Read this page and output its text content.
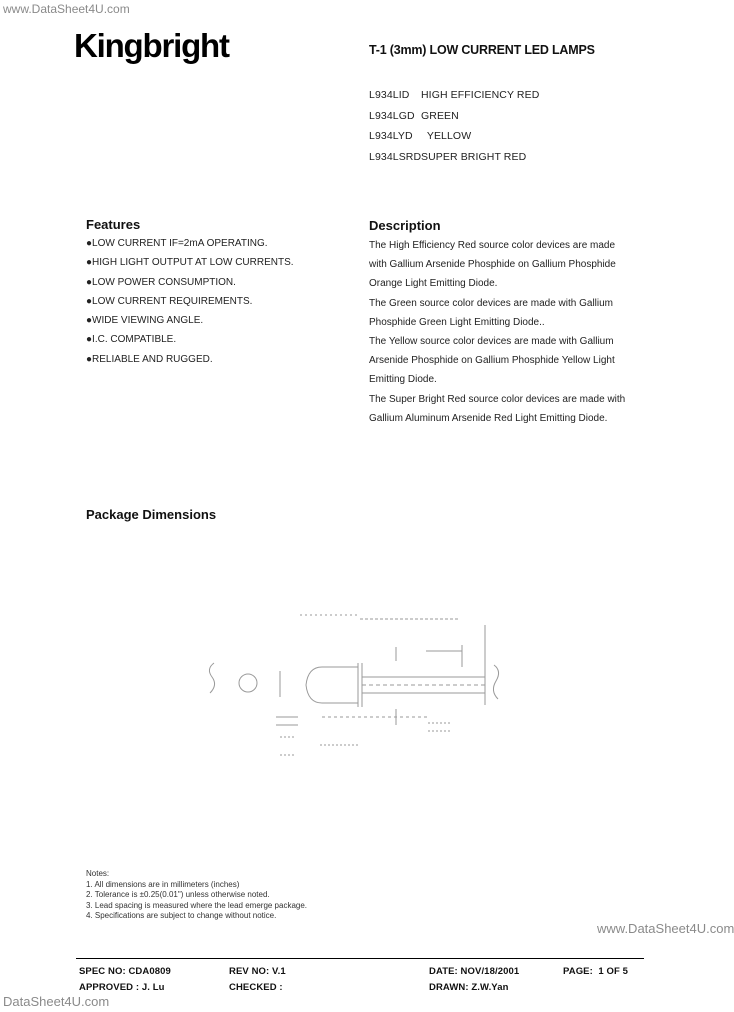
www.DataSheet4U.com
www.DataSheet4U.com
DataSheet4U.com
Kingbright	T-1 (3mm) LOW CURRENT LED LAMPS
L934LID HIGH EFFICIENCY RED
L934LGD GREEN
L934LYD  YELLOW
L934LSRDSUPER BRIGHT RED
Features
●LOW CURRENT IF=2mA OPERATING.
●HIGH LIGHT OUTPUT AT LOW CURRENTS.
●LOW POWER CONSUMPTION.
●LOW CURRENT REQUIREMENTS.
●WIDE VIEWING ANGLE.
●I.C. COMPATIBLE.
●RELIABLE AND RUGGED.
Description
The High Efficiency Red source color devices are made
with Gallium Arsenide Phosphide on Gallium Phosphide
Orange Light Emitting Diode.
The Green source color devices are made with Gallium
Phosphide Green Light Emitting Diode..
The Yellow source color devices are made with Gallium
Arsenide Phosphide on Gallium Phosphide Yellow Light
Emitting Diode.
The Super Bright Red source color devices are made with
Gallium Aluminum Arsenide Red Light Emitting Diode.
Package Dimensions
Notes:
1. All dimensions are in millimeters (inches)
2. Tolerance is ±0.25(0.01") unless otherwise noted.
3. Lead spacing is measured where the lead emerge package.
4. Specifications are subject to change without notice.
SPEC NO: CDA0809	REV NO: V.1	DATE: NOV/18/2001	PAGE:  1 OF 5
APPROVED : J. Lu	CHECKED :	DRAWN: Z.W.Yan
